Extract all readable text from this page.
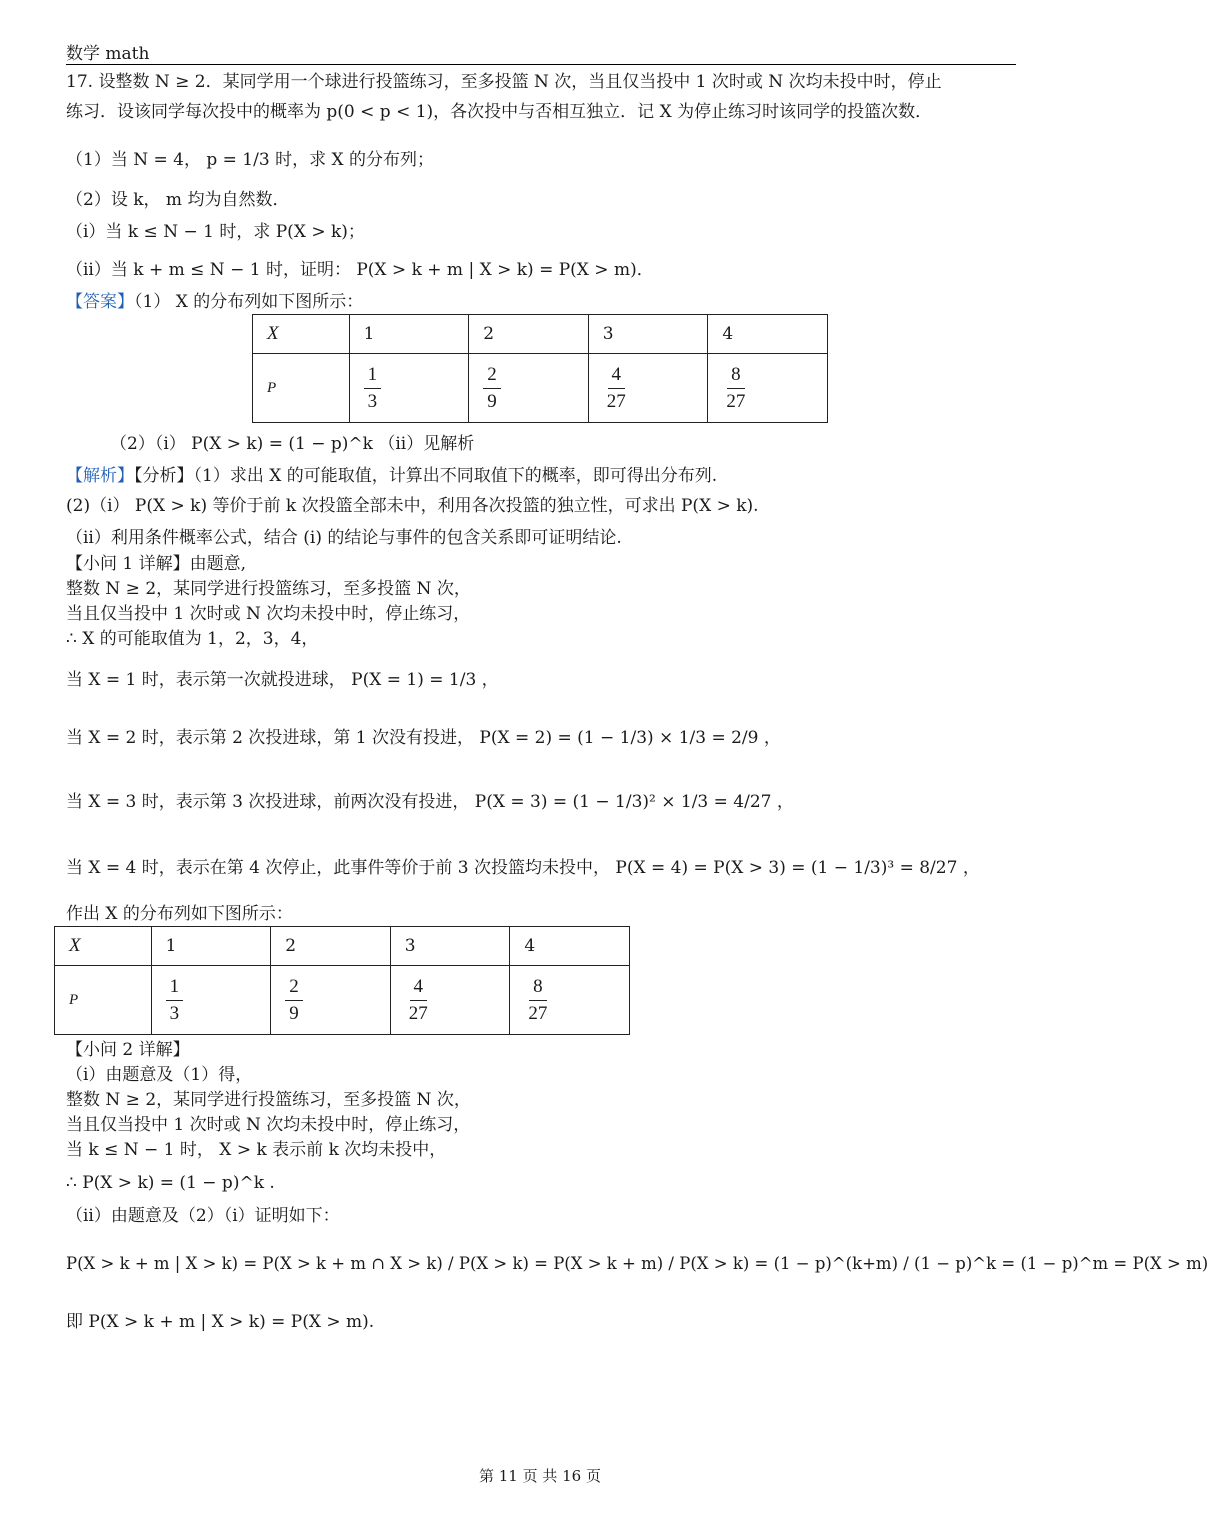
数学 math
17. 设整数 N ≥ 2．某同学用一个球进行投篮练习，至多投篮 N 次，当且仅当投中 1 次时或 N 次均未投中时，停止
练习．设该同学每次投中的概率为 p(0 < p < 1)，各次投中与否相互独立．记 X 为停止练习时该同学的投篮次数．
（1）当 N = 4， p = 1/3 时，求 X 的分布列；
（2）设 k， m 均为自然数．
（i）当 k ≤ N − 1 时，求 P(X > k)；
（ii）当 k + m ≤ N − 1 时，证明： P(X > k + m | X > k) = P(X > m)．
【答案】（1） X 的分布列如下图所示：
X	1	2	3	4
P	$\frac{1}{3}$	$\frac{2}{9}$	$\frac{4}{27}$	$\frac{8}{27}$
（2）（i） P(X > k) = (1 − p)^k （ii）见解析
【解析】【分析】（1）求出 X 的可能取值，计算出不同取值下的概率，即可得出分布列.
(2)（i） P(X > k) 等价于前 k 次投篮全部未中，利用各次投篮的独立性，可求出 P(X > k).
（ii）利用条件概率公式，结合 (i) 的结论与事件的包含关系即可证明结论.
【小问 1 详解】由题意,
整数 N ≥ 2，某同学进行投篮练习，至多投篮 N 次，
当且仅当投中 1 次时或 N 次均未投中时，停止练习，
∴ X 的可能取值为 1，2，3，4，
当 X = 1 时，表示第一次就投进球， P(X = 1) = 1/3 ，
当 X = 2 时，表示第 2 次投进球，第 1 次没有投进， P(X = 2) = (1 − 1/3) × 1/3 = 2/9 ，
当 X = 3 时，表示第 3 次投进球，前两次没有投进， P(X = 3) = (1 − 1/3)² × 1/3 = 4/27 ，
当 X = 4 时，表示在第 4 次停止，此事件等价于前 3 次投篮均未投中， P(X = 4) = P(X > 3) = (1 − 1/3)³ = 8/27 ，
作出 X 的分布列如下图所示：
X	1	2	3	4
P	$\frac{1}{3}$	$\frac{2}{9}$	$\frac{4}{27}$	$\frac{8}{27}$
【小问 2 详解】
（i）由题意及（1）得，
整数 N ≥ 2，某同学进行投篮练习，至多投篮 N 次，
当且仅当投中 1 次时或 N 次均未投中时，停止练习，
当 k ≤ N − 1 时， X > k 表示前 k 次均未投中，
∴ P(X > k) = (1 − p)^k .
（ii）由题意及（2）（i）证明如下：
P(X > k + m | X > k) = P(X > k + m ∩ X > k) / P(X > k) = P(X > k + m) / P(X > k) = (1 − p)^(k+m) / (1 − p)^k = (1 − p)^m = P(X > m)
即 P(X > k + m | X > k) = P(X > m).
第 11 页 共 16 页
